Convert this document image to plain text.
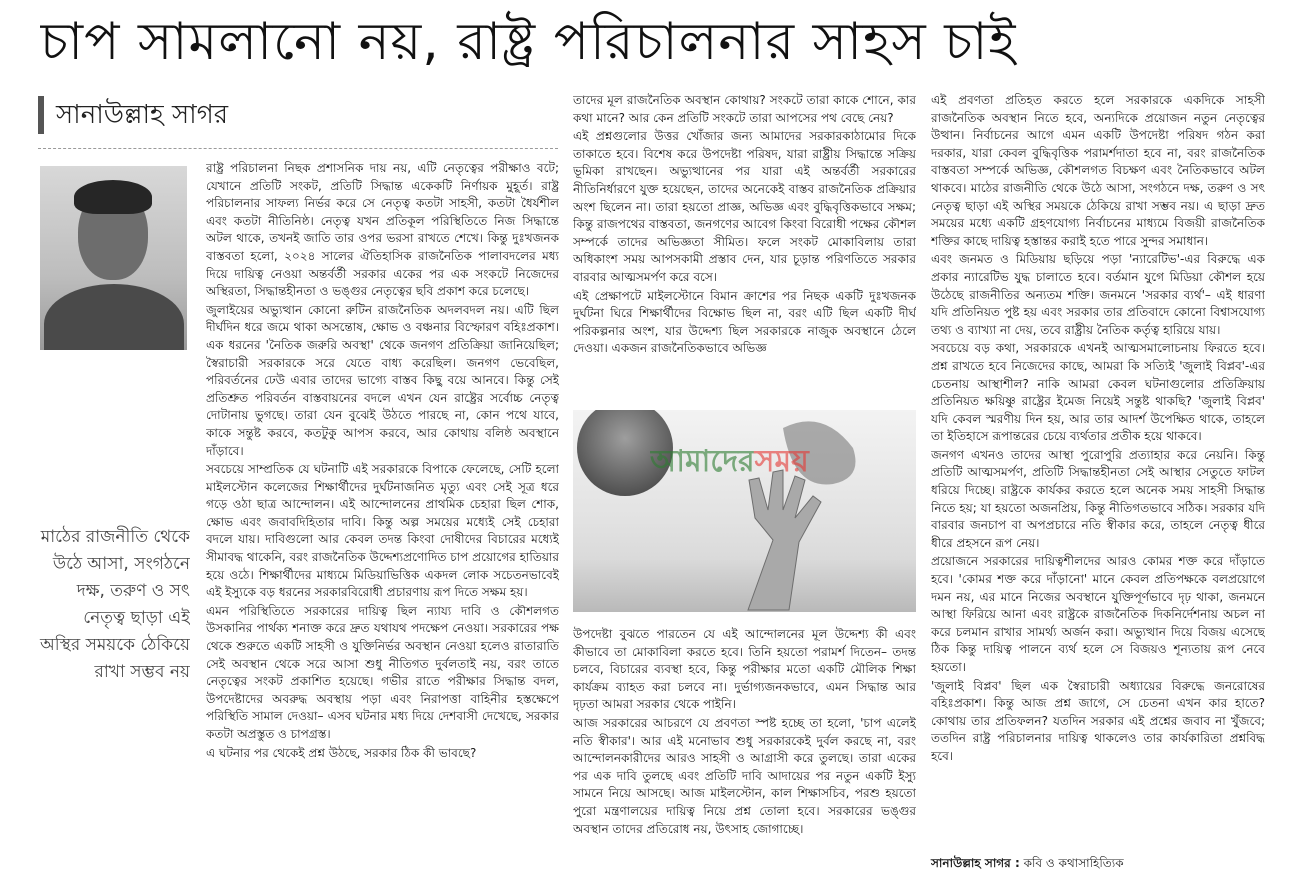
চাপ সামলানো নয়, রাষ্ট্র পরিচালনার সাহস চাই
সানাউল্লাহ সাগর
মাঠের রাজনীতি থেকে উঠে আসা, সংগঠনে দক্ষ, তরুণ ও সৎ নেতৃত্ব ছাড়া এই অস্থির সময়কে ঠেকিয়ে রাখা সম্ভব নয়

রাষ্ট্র পরিচালনা নিছক প্রশাসনিক দায় নয়, এটি নেতৃত্বের পরীক্ষাও বটে; যেখানে প্রতিটি সংকট, প্রতিটি সিদ্ধান্ত একেকটি নির্ণায়ক মুহূর্ত। রাষ্ট্র পরিচালনার সাফল্য নির্ভর করে সে নেতৃত্ব কতটা সাহসী, কতটা ধৈর্যশীল এবং কতটা নীতিনিষ্ঠ। নেতৃত্ব যখন প্রতিকূল পরিস্থিতিতে নিজ সিদ্ধান্তে অটল থাকে, তখনই জাতি তার ওপর ভরসা রাখতে শেখে। কিন্তু দুঃখজনক বাস্তবতা হলো, ২০২৪ সালের ঐতিহাসিক রাজনৈতিক পালাবদলের মধ্য দিয়ে দায়িত্ব নেওয়া অন্তর্বর্তী সরকার একের পর এক সংকটে নিজেদের অস্থিরতা, সিদ্ধান্তহীনতা ও ভঙ্গুর নেতৃত্বের ছবি প্রকাশ করে চলেছে।

জুলাইয়ের অভ্যুত্থান কোনো রুটিন রাজনৈতিক অদলবদল নয়। এটি ছিল দীর্ঘদিন ধরে জমে থাকা অসন্তোষ, ক্ষোভ ও বঞ্চনার বিস্ফোরণ বহিঃপ্রকাশ। এক ধরনের 'নৈতিক জরুরি অবস্থা' থেকে জনগণ প্রতিক্রিয়া জানিয়েছিল; স্বৈরাচারী সরকারকে সরে যেতে বাধ্য করেছিল। জনগণ ভেবেছিল, পরিবর্তনের ঢেউ এবার তাদের ভাগ্যে বাস্তব কিছু বয়ে আনবে। কিন্তু সেই প্রতিশ্রুত পরিবর্তন বাস্তবায়নের বদলে এখন যেন রাষ্ট্রের সর্বোচ্চ নেতৃত্ব দোটানায় ভুগছে। তারা যেন বুঝেই উঠতে পারছে না, কোন পথে যাবে, কাকে সন্তুষ্ট করবে, কতটুকু আপস করবে, আর কোথায় বলিষ্ঠ অবস্থানে দাঁড়াবে।

সবচেয়ে সাম্প্রতিক যে ঘটনাটি এই সরকারকে বিপাকে ফেলেছে, সেটি হলো মাইলস্টোন কলেজের শিক্ষার্থীদের দুর্ঘটনাজনিত মৃত্যু এবং সেই সূত্র ধরে গড়ে ওঠা ছাত্র আন্দোলন। এই আন্দোলনের প্রাথমিক চেহারা ছিল শোক, ক্ষোভ এবং জবাবদিহিতার দাবি। কিন্তু অল্প সময়ের মধ্যেই সেই চেহারা বদলে যায়। দাবিগুলো আর কেবল তদন্ত কিংবা দোষীদের বিচারের মধ্যেই সীমাবদ্ধ থাকেনি, বরং রাজনৈতিক উদ্দেশ্যপ্রণোদিত চাপ প্রয়োগের হাতিয়ার হয়ে ওঠে। শিক্ষার্থীদের মাধ্যমে মিডিয়াভিত্তিক একদল লোক সচেতনভাবেই এই ইস্যুকে বড় ধরনের সরকারবিরোধী প্রচারণায় রূপ দিতে সক্ষম হয়।

এমন পরিস্থিতিতে সরকারের দায়িত্ব ছিল ন্যায্য দাবি ও কৌশলগত উসকানির পার্থক্য শনাক্ত করে দ্রুত যথাযথ পদক্ষেপ নেওয়া। সরকারের পক্ষ থেকে শুরুতে একটি সাহসী ও যুক্তিনির্ভর অবস্থান নেওয়া হলেও রাতারাতি সেই অবস্থান থেকে সরে আসা শুধু নীতিগত দুর্বলতাই নয়, বরং তাতে নেতৃত্বের সংকট প্রকাশিত হয়েছে। গভীর রাতে পরীক্ষার সিদ্ধান্ত বদল, উপদেষ্টাদের অবরুদ্ধ অবস্থায় পড়া এবং নিরাপত্তা বাহিনীর হস্তক্ষেপে পরিস্থিতি সামাল দেওয়া– এসব ঘটনার মধ্য দিয়ে দেশবাসী দেখেছে, সরকার কতটা অপ্রস্তুত ও চাপগ্রস্ত।

এ ঘটনার পর থেকেই প্রশ্ন উঠছে, সরকার ঠিক কী ভাবছে?

তাদের মূল রাজনৈতিক অবস্থান কোথায়? সংকটে তারা কাকে শোনে, কার কথা মানে? আর কেন প্রতিটি সংকটে তারা আপসের পথ বেছে নেয়?

এই প্রশ্নগুলোর উত্তর খোঁজার জন্য আমাদের সরকারকাঠামোর দিকে তাকাতে হবে। বিশেষ করে উপদেষ্টা পরিষদ, যারা রাষ্ট্রীয় সিদ্ধান্তে সক্রিয় ভূমিকা রাখছেন। অভ্যুত্থানের পর যারা এই অন্তর্বর্তী সরকারের নীতিনির্ধারণে যুক্ত হয়েছেন, তাদের অনেকেই বাস্তব রাজনৈতিক প্রক্রিয়ার অংশ ছিলেন না। তারা হয়তো প্রাজ্ঞ, অভিজ্ঞ এবং বুদ্ধিবৃত্তিকভাবে সক্ষম; কিন্তু রাজপথের বাস্তবতা, জনগণের আবেগ কিংবা বিরোধী পক্ষের কৌশল সম্পর্কে তাদের অভিজ্ঞতা সীমিত। ফলে সংকট মোকাবিলায় তারা অধিকাংশ সময় আপসকামী প্রস্তাব দেন, যার চূড়ান্ত পরিণতিতে সরকার বারবার আত্মসমর্পণ করে বসে।

এই প্রেক্ষাপটে মাইলস্টোনে বিমান ক্রাশের পর নিছক একটি দুঃখজনক দুর্ঘটনা ঘিরে শিক্ষার্থীদের বিক্ষোভ ছিল না, বরং এটি ছিল একটি দীর্ঘ পরিকল্পনার অংশ, যার উদ্দেশ্য ছিল সরকারকে নাজুক অবস্থানে ঠেলে দেওয়া। একজন রাজনৈতিকভাবে অভিজ্ঞ

আমাদেরসময়

উপদেষ্টা বুঝতে পারতেন যে এই আন্দোলনের মূল উদ্দেশ্য কী এবং কীভাবে তা মোকাবিলা করতে হবে। তিনি হয়তো পরামর্শ দিতেন– তদন্ত চলবে, বিচারের ব্যবস্থা হবে, কিন্তু পরীক্ষার মতো একটি মৌলিক শিক্ষা কার্যক্রম ব্যাহত করা চলবে না। দুর্ভাগ্যজনকভাবে, এমন সিদ্ধান্ত আর দৃঢ়তা আমরা সরকার থেকে পাইনি।

আজ সরকারের আচরণে যে প্রবণতা স্পষ্ট হচ্ছে তা হলো, 'চাপ এলেই নতি স্বীকার'। আর এই মনোভাব শুধু সরকারকেই দুর্বল করছে না, বরং আন্দোলনকারীদের আরও সাহসী ও আগ্রাসী করে তুলছে। তারা একের পর এক দাবি তুলছে এবং প্রতিটি দাবি আদায়ের পর নতুন একটি ইস্যু সামনে নিয়ে আসছে। আজ মাইলস্টোন, কাল শিক্ষাসচিব, পরশু হয়তো পুরো মন্ত্রণালয়ের দায়িত্ব নিয়ে প্রশ্ন তোলা হবে। সরকারের ভঙ্গুর অবস্থান তাদের প্রতিরোধ নয়, উৎসাহ জোগাচ্ছে।

এই প্রবণতা প্রতিহত করতে হলে সরকারকে একদিকে সাহসী রাজনৈতিক অবস্থান নিতে হবে, অন্যদিকে প্রয়োজন নতুন নেতৃত্বের উত্থান। নির্বাচনের আগে এমন একটি উপদেষ্টা পরিষদ গঠন করা দরকার, যারা কেবল বুদ্ধিবৃত্তিক পরামর্শদাতা হবে না, বরং রাজনৈতিক বাস্তবতা সম্পর্কে অভিজ্ঞ, কৌশলগত বিচক্ষণ এবং নৈতিকভাবে অটল থাকবে। মাঠের রাজনীতি থেকে উঠে আসা, সংগঠনে দক্ষ, তরুণ ও সৎ নেতৃত্ব ছাড়া এই অস্থির সময়কে ঠেকিয়ে রাখা সম্ভব নয়। এ ছাড়া দ্রুত সময়ের মধ্যে একটি গ্রহণযোগ্য নির্বাচনের মাধ্যমে বিজয়ী রাজনৈতিক শক্তির কাছে দায়িত্ব হস্তান্তর করাই হতে পারে সুন্দর সমাধান।

এবং জনমত ও মিডিয়ায় ছড়িয়ে পড়া 'ন্যারেটিভ'-এর বিরুদ্ধে এক প্রকার ন্যারেটিভ যুদ্ধ চালাতে হবে। বর্তমান যুগে মিডিয়া কৌশল হয়ে উঠেছে রাজনীতির অন্যতম শক্তি। জনমনে 'সরকার ব্যর্থ'– এই ধারণা যদি প্রতিনিয়ত পুষ্ট হয় এবং সরকার তার প্রতিবাদে কোনো বিশ্বাসযোগ্য তথ্য ও ব্যাখ্যা না দেয়, তবে রাষ্ট্রীয় নৈতিক কর্তৃত্ব হারিয়ে যায়।

সবচেয়ে বড় কথা, সরকারকে এখনই আত্মসমালোচনায় ফিরতে হবে। প্রশ্ন রাখতে হবে নিজেদের কাছে, আমরা কি সত্যিই 'জুলাই বিপ্লব'-এর চেতনায় আস্থাশীল? নাকি আমরা কেবল ঘটনাগুলোর প্রতিক্রিয়ায় প্রতিনিয়ত ক্ষয়িষ্ণু রাষ্ট্রের ইমেজ নিয়েই সন্তুষ্ট থাকছি? 'জুলাই বিপ্লব' যদি কেবল স্মরণীয় দিন হয়, আর তার আদর্শ উপেক্ষিত থাকে, তাহলে তা ইতিহাসে রূপান্তরের চেয়ে ব্যর্থতার প্রতীক হয়ে থাকবে।

জনগণ এখনও তাদের আস্থা পুরোপুরি প্রত্যাহার করে নেয়নি। কিন্তু প্রতিটি আত্মসমর্পণ, প্রতিটি সিদ্ধান্তহীনতা সেই আস্থার সেতুতে ফাটল ধরিয়ে দিচ্ছে। রাষ্ট্রকে কার্যকর করতে হলে অনেক সময় সাহসী সিদ্ধান্ত নিতে হয়; যা হয়তো অজনপ্রিয়, কিন্তু নীতিগতভাবে সঠিক। সরকার যদি বারবার জনচাপ বা অপপ্রচারে নতি স্বীকার করে, তাহলে নেতৃত্ব ধীরে ধীরে প্রহসনে রূপ নেয়।

প্রয়োজনে সরকারের দায়িত্বশীলদের আরও কোমর শক্ত করে দাঁড়াতে হবে। 'কোমর শক্ত করে দাঁড়ানো' মানে কেবল প্রতিপক্ষকে বলপ্রয়োগে দমন নয়, এর মানে নিজের অবস্থানে যুক্তিপূর্ণভাবে দৃঢ় থাকা, জনমনে আস্থা ফিরিয়ে আনা এবং রাষ্ট্রকে রাজনৈতিক দিকনির্দেশনায় অচল না করে চলমান রাখার সামর্থ্য অর্জন করা। অভ্যুত্থান দিয়ে বিজয় এসেছে ঠিক কিন্তু দায়িত্ব পালনে ব্যর্থ হলে সে বিজয়ও শূন্যতায় রূপ নেবে হয়তো।

'জুলাই বিপ্লব' ছিল এক স্বৈরাচারী অধ্যায়ের বিরুদ্ধে জনরোষের বহিঃপ্রকাশ। কিন্তু আজ প্রশ্ন জাগে, সে চেতনা এখন কার হাতে? কোথায় তার প্রতিফলন? যতদিন সরকার এই প্রশ্নের জবাব না খুঁজবে; ততদিন রাষ্ট্র পরিচালনার দায়িত্ব থাকলেও তার কার্যকারিতা প্রশ্নবিদ্ধ হবে।

সানাউল্লাহ সাগর : কবি ও কথাসাহিত্যিক
